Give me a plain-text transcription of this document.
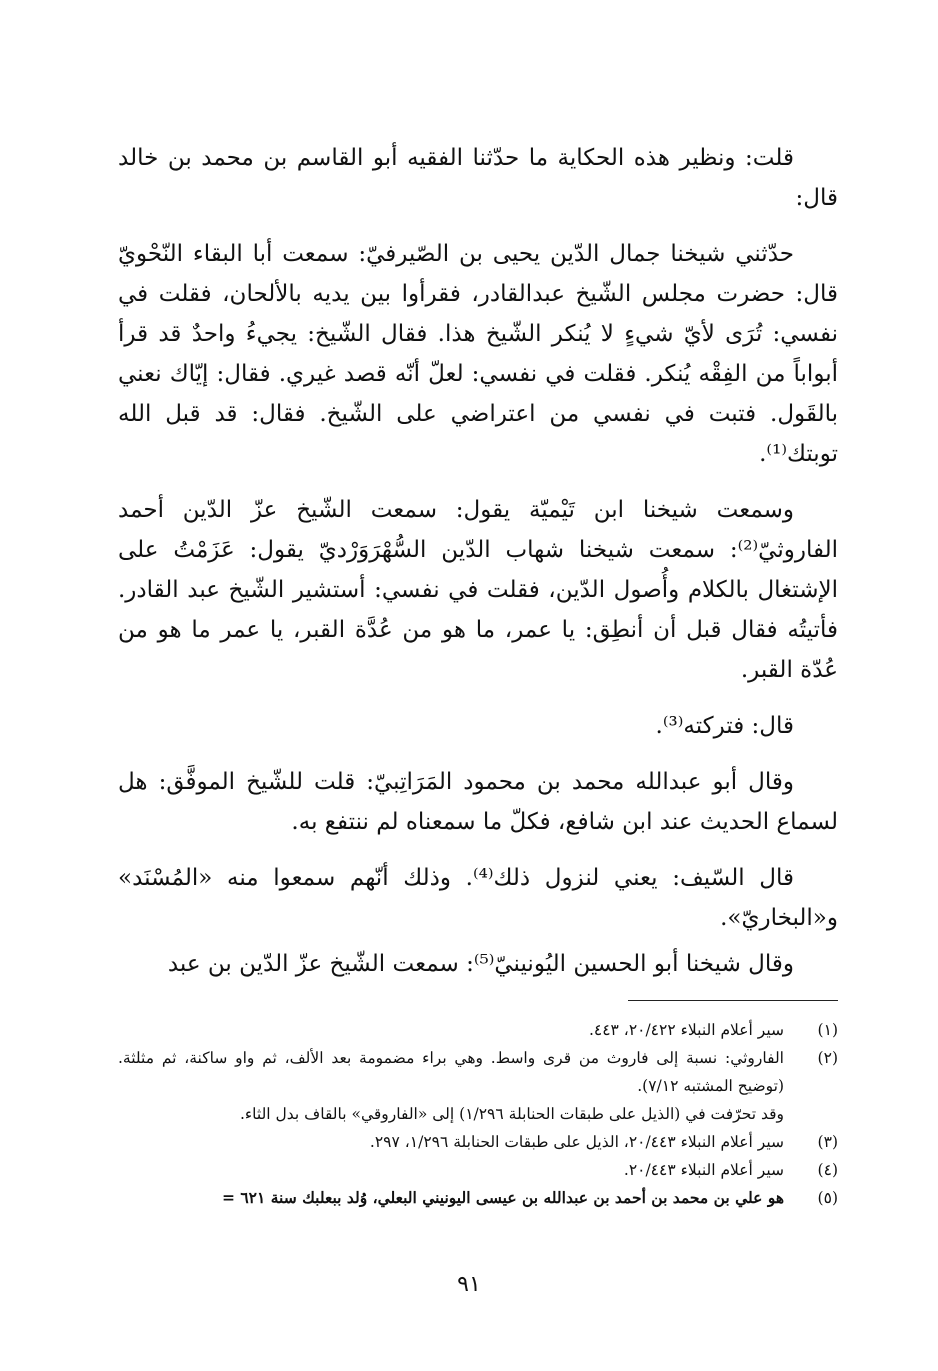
قلت: ونظير هذه الحكاية ما حدّثنا الفقيه أبو القاسم بن محمد بن خالد قال:

حدّثني شيخنا جمال الدّين يحيى بن الصّيرفيّ: سمعت أبا البقاء النّحْويّ قال: حضرت مجلس الشّيخ عبدالقادر، فقرأوا بين يديه بالألحان، فقلت في نفسي: تُرَى لأيّ شيءٍ لا يُنكر الشّيخ هذا. فقال الشّيخ: يجيءُ واحدٌ قد قرأ أبواباً من الفِقْه يُنكر. فقلت في نفسي: لعلّ أنّه قصد غيري. فقال: إيّاك نعني بالقَول. فتبت في نفسي من اعتراضي على الشّيخ. فقال: قد قبل الله توبتك⁽¹⁾.

وسمعت شيخنا ابن تَيْميّة يقول: سمعت الشّيخ عزّ الدّين أحمد الفاروثيّ⁽²⁾: سمعت شيخنا شهاب الدّين السُّهْرَوَرْديّ يقول: عَزَمْتُ على الإشتغال بالكلام وأُصول الدّين، فقلت في نفسي: أستشير الشّيخ عبد القادر. فأتيتُه فقال قبل أن أنطِق: يا عمر، ما هو من عُدَّة القبر، يا عمر ما هو من عُدّة القبر.

قال: فتركته⁽³⁾.

وقال أبو عبدالله محمد بن محمود المَرَاتِبيّ: قلت للشّيخ الموفَّق: هل لسماع الحديث عند ابن شافع، فكلّ ما سمعناه لم ننتفع به.

قال السّيف: يعني لنزول ذلك⁽⁴⁾. وذلك أنّهم سمعوا منه «المُسْنَد» و«البخاريّ».

وقال شيخنا أبو الحسين اليُونينيّ⁽⁵⁾: سمعت الشّيخ عزّ الدّين بن عبد

(١)
سير أعلام النبلاء ٢٠/٤٢٢، ٤٤٣.
(٢)
الفاروثي: نسبة إلى فاروث من قرى واسط. وهي براء مضمومة بعد الألف، ثم واو ساكنة، ثم مثلثة. (توضيح المشتبه ٧/١٢).
وقد تحرّفت في (الذيل على طبقات الحنابلة ١/٢٩٦) إلى «الفاروقي» بالقاف بدل الثاء.
(٣)
سير أعلام النبلاء ٢٠/٤٤٣، الذيل على طبقات الحنابلة ١/٢٩٦، ٢٩٧.
(٤)
سير أعلام النبلاء ٢٠/٤٤٣.
(٥)
هو علي بن محمد بن أحمد بن عبدالله بن عيسى اليونيني البعلي، وُلد ببعلبك سنة ٦٢١ =
٩١
